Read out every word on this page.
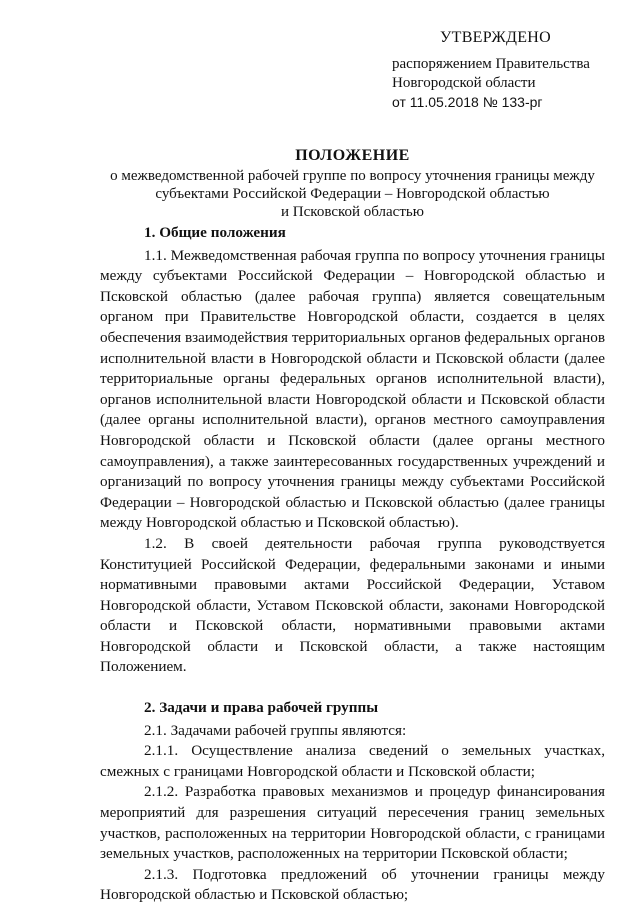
УТВЕРЖДЕНО
распоряжением Правительства
Новгородской области
от 11.05.2018 № 133-рг
ПОЛОЖЕНИЕ
о межведомственной рабочей группе по вопросу уточнения границы между
субъектами Российской Федерации – Новгородской областью
и Псковской областью
1. Общие положения

1.1. Межведомственная рабочая группа по вопросу уточнения границы между субъектами Российской Федерации – Новгородской областью и Псковской областью (далее рабочая группа) является совещательным органом при Правительстве Новгородской области, создается в целях обеспечения взаимодействия территориальных органов федеральных органов исполнительной власти в Новгородской области и Псковской области (далее территориальные органы федеральных органов исполнительной власти), органов исполнительной власти Новгородской области и Псковской области (далее органы исполнительной власти), органов местного самоуправления Новгородской области и Псковской области (далее органы местного самоуправления), а также заинтересованных государственных учреждений и организаций по вопросу уточнения границы между субъектами Российской Федерации – Новгородской областью и Псковской областью (далее границы между Новгородской областью и Псковской областью).

1.2. В своей деятельности рабочая группа руководствуется Конституцией Российской Федерации, федеральными законами и иными нормативными правовыми актами Российской Федерации, Уставом Новгородской области, Уставом Псковской области, законами Новгородской области и Псковской области, нормативными правовыми актами Новгородской области и Псковской области, а также настоящим Положением.

2. Задачи и права рабочей группы

2.1. Задачами рабочей группы являются:

2.1.1. Осуществление анализа сведений о земельных участках, смежных с границами Новгородской области и Псковской области;

2.1.2. Разработка правовых механизмов и процедур финансирования мероприятий для разрешения ситуаций пересечения границ земельных участков, расположенных на территории Новгородской области, с границами земельных участков, расположенных на территории Псковской области;

2.1.3. Подготовка предложений об уточнении границы между Новгородской областью и Псковской областью;
